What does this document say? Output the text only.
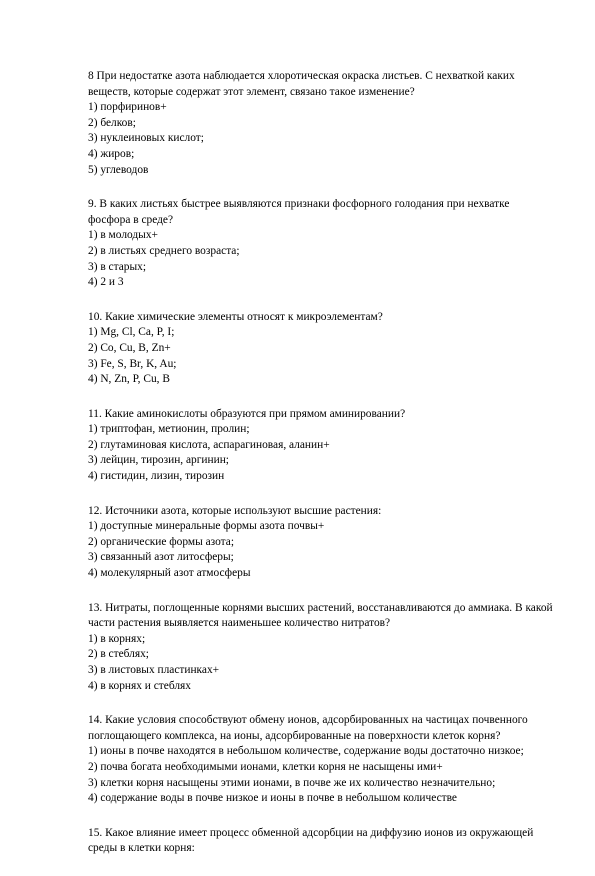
8 При недостатке азота наблюдается хлоротическая окраска листьев. С нехваткой каких веществ, которые содержат этот элемент, связано такое изменение?

1) порфиринов+
2) белков;
3) нуклеиновых кислот;
4) жиров;
5) углеводов

9. В каких листьях быстрее выявляются признаки фосфорного голодания при нехватке фосфора в среде?

1) в молодых+
2) в листьях среднего возраста;
3) в старых;
4) 2 и 3

10. Какие химические элементы относят к микроэлементам?

1) Mg, Cl, Ca, P, I;
2) Co, Cu, B, Zn+
3) Fe, S, Br, K, Au;
4) N, Zn, P, Cu, B

11. Какие аминокислоты образуются при прямом аминировании?

1) триптофан, метионин, пролин;
2) глутаминовая кислота, аспарагиновая, аланин+
3) лейцин, тирозин, аргинин;
4) гистидин, лизин, тирозин

12. Источники азота, которые используют высшие растения:

1) доступные минеральные формы азота почвы+
2) органические формы азота;
3) связанный азот литосферы;
4) молекулярный азот атмосферы

13. Нитраты, поглощенные корнями высших растений, восстанавливаются до аммиака. В какой части растения выявляется наименьшее количество нитратов?

1) в корнях;
2) в стеблях;
3) в листовых пластинках+
4) в корнях и стеблях

14. Какие условия способствуют обмену ионов, адсорбированных на частицах почвенного поглощающего комплекса, на ионы, адсорбированные на поверхности клеток корня?

1) ионы в почве находятся в небольшом количестве, содержание воды достаточно низкое;
2) почва богата необходимыми ионами, клетки корня не насыщены ими+
3) клетки корня насыщены этими ионами, в почве же их количество незначительно;
4) содержание воды в почве низкое и ионы в почве в небольшом количестве

15. Какое влияние имеет процесс обменной адсорбции на диффузию ионов из окружающей среды в клетки корня:
